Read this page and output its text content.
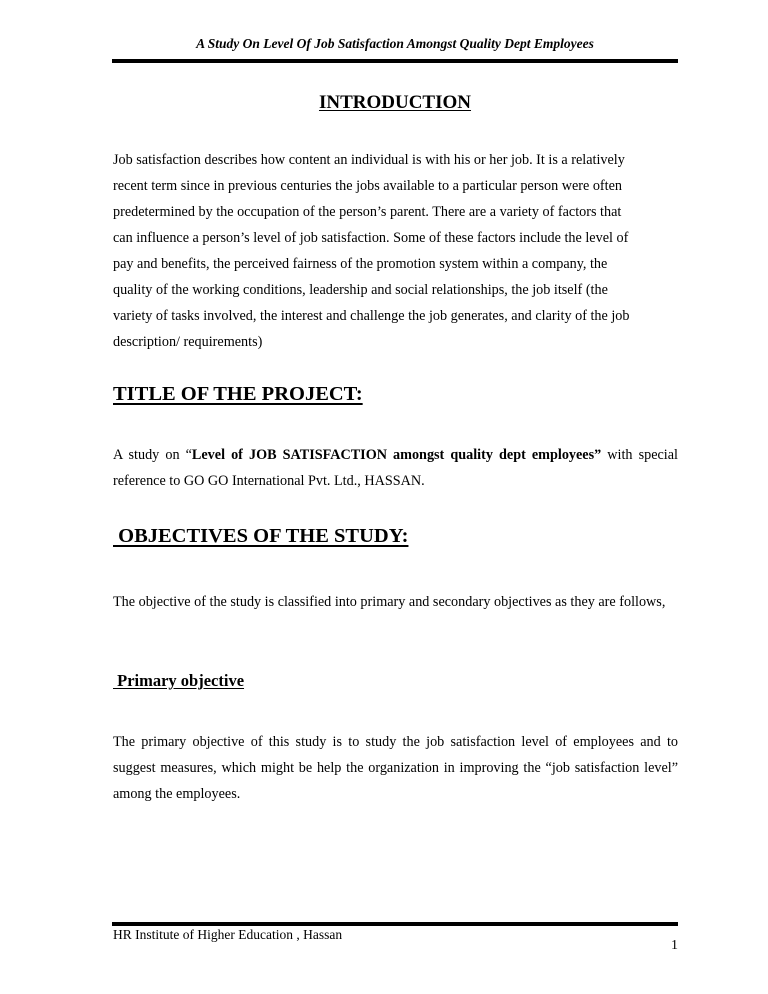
A Study On Level Of Job Satisfaction Amongst Quality Dept Employees
INTRODUCTION
Job satisfaction describes how content an individual is with his or her job. It is a relatively
recent term since in previous centuries the jobs available to a particular person were often
predetermined by the occupation of the person’s parent. There are a variety of factors that
can influence a person’s level of job satisfaction. Some of these factors include the level of
pay and benefits, the perceived fairness of the promotion system within a company, the
quality of the working conditions, leadership and social relationships, the job itself (the
variety of tasks involved, the interest and challenge the job generates, and clarity of the job
description/ requirements)
TITLE OF THE PROJECT:

A study on “Level of JOB SATISFACTION amongst quality dept employees” with special reference to GO GO International Pvt. Ltd., HASSAN.

OBJECTIVES OF THE STUDY:

The objective of the study is classified into primary and secondary objectives as they are follows,

Primary objective

The primary objective of this study is to study the job satisfaction level of employees and to suggest measures, which might be help the organization in improving the “job satisfaction level” among the employees.

HR Institute of Higher Education , Hassan
1
